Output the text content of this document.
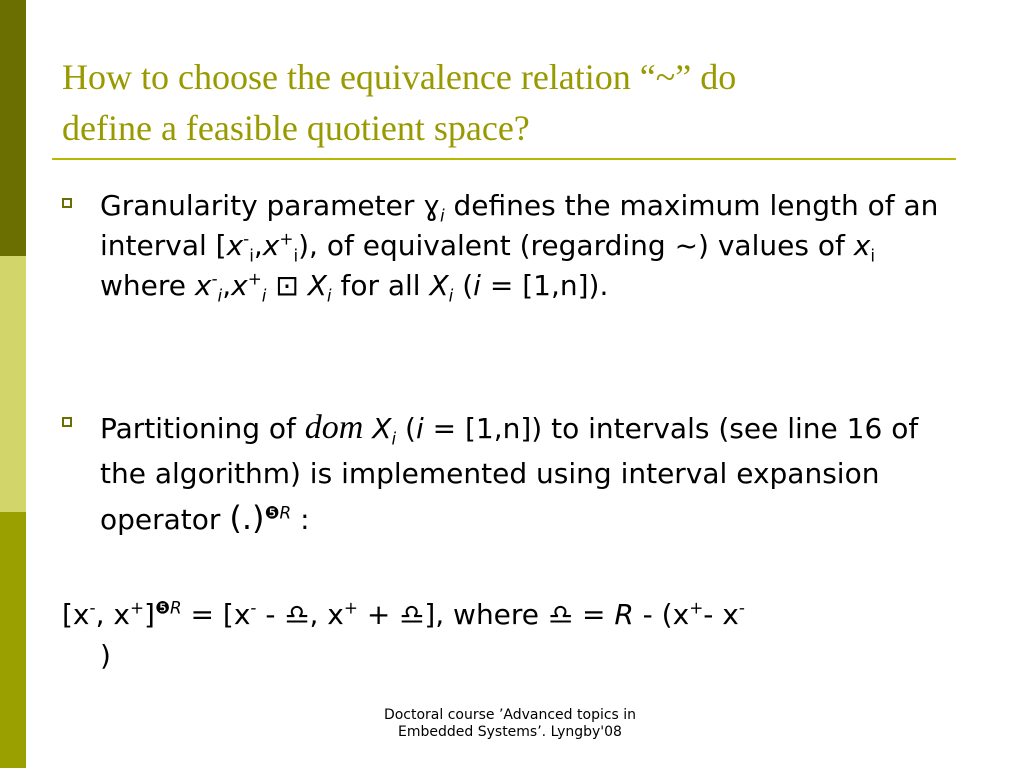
How to choose the equivalence relation “~” do
define a feasible quotient space?
Granularity parameter ɣ$_i$ defines the maximum length of an interval $[x^-_i,x^+_i)$, of equivalent (regarding ~) values of $x_i$ where $x^-_i,x^+_i$ ⊡ $X_i$ for all $X_i$ (i = [1,n]).
Partitioning of dom $X_i$ (i = [1,n]) to intervals (see line 16 of the algorithm) is implemented using interval expansion operator (.)$^{❺R}$ :
[x-, x+]$^{❺R}$ = [x- - ♎, x+ + ♎], where ♎ = R - (x+- x-
)
Doctoral course ’Advanced topics in
Embedded Systems’. Lyngby'08
